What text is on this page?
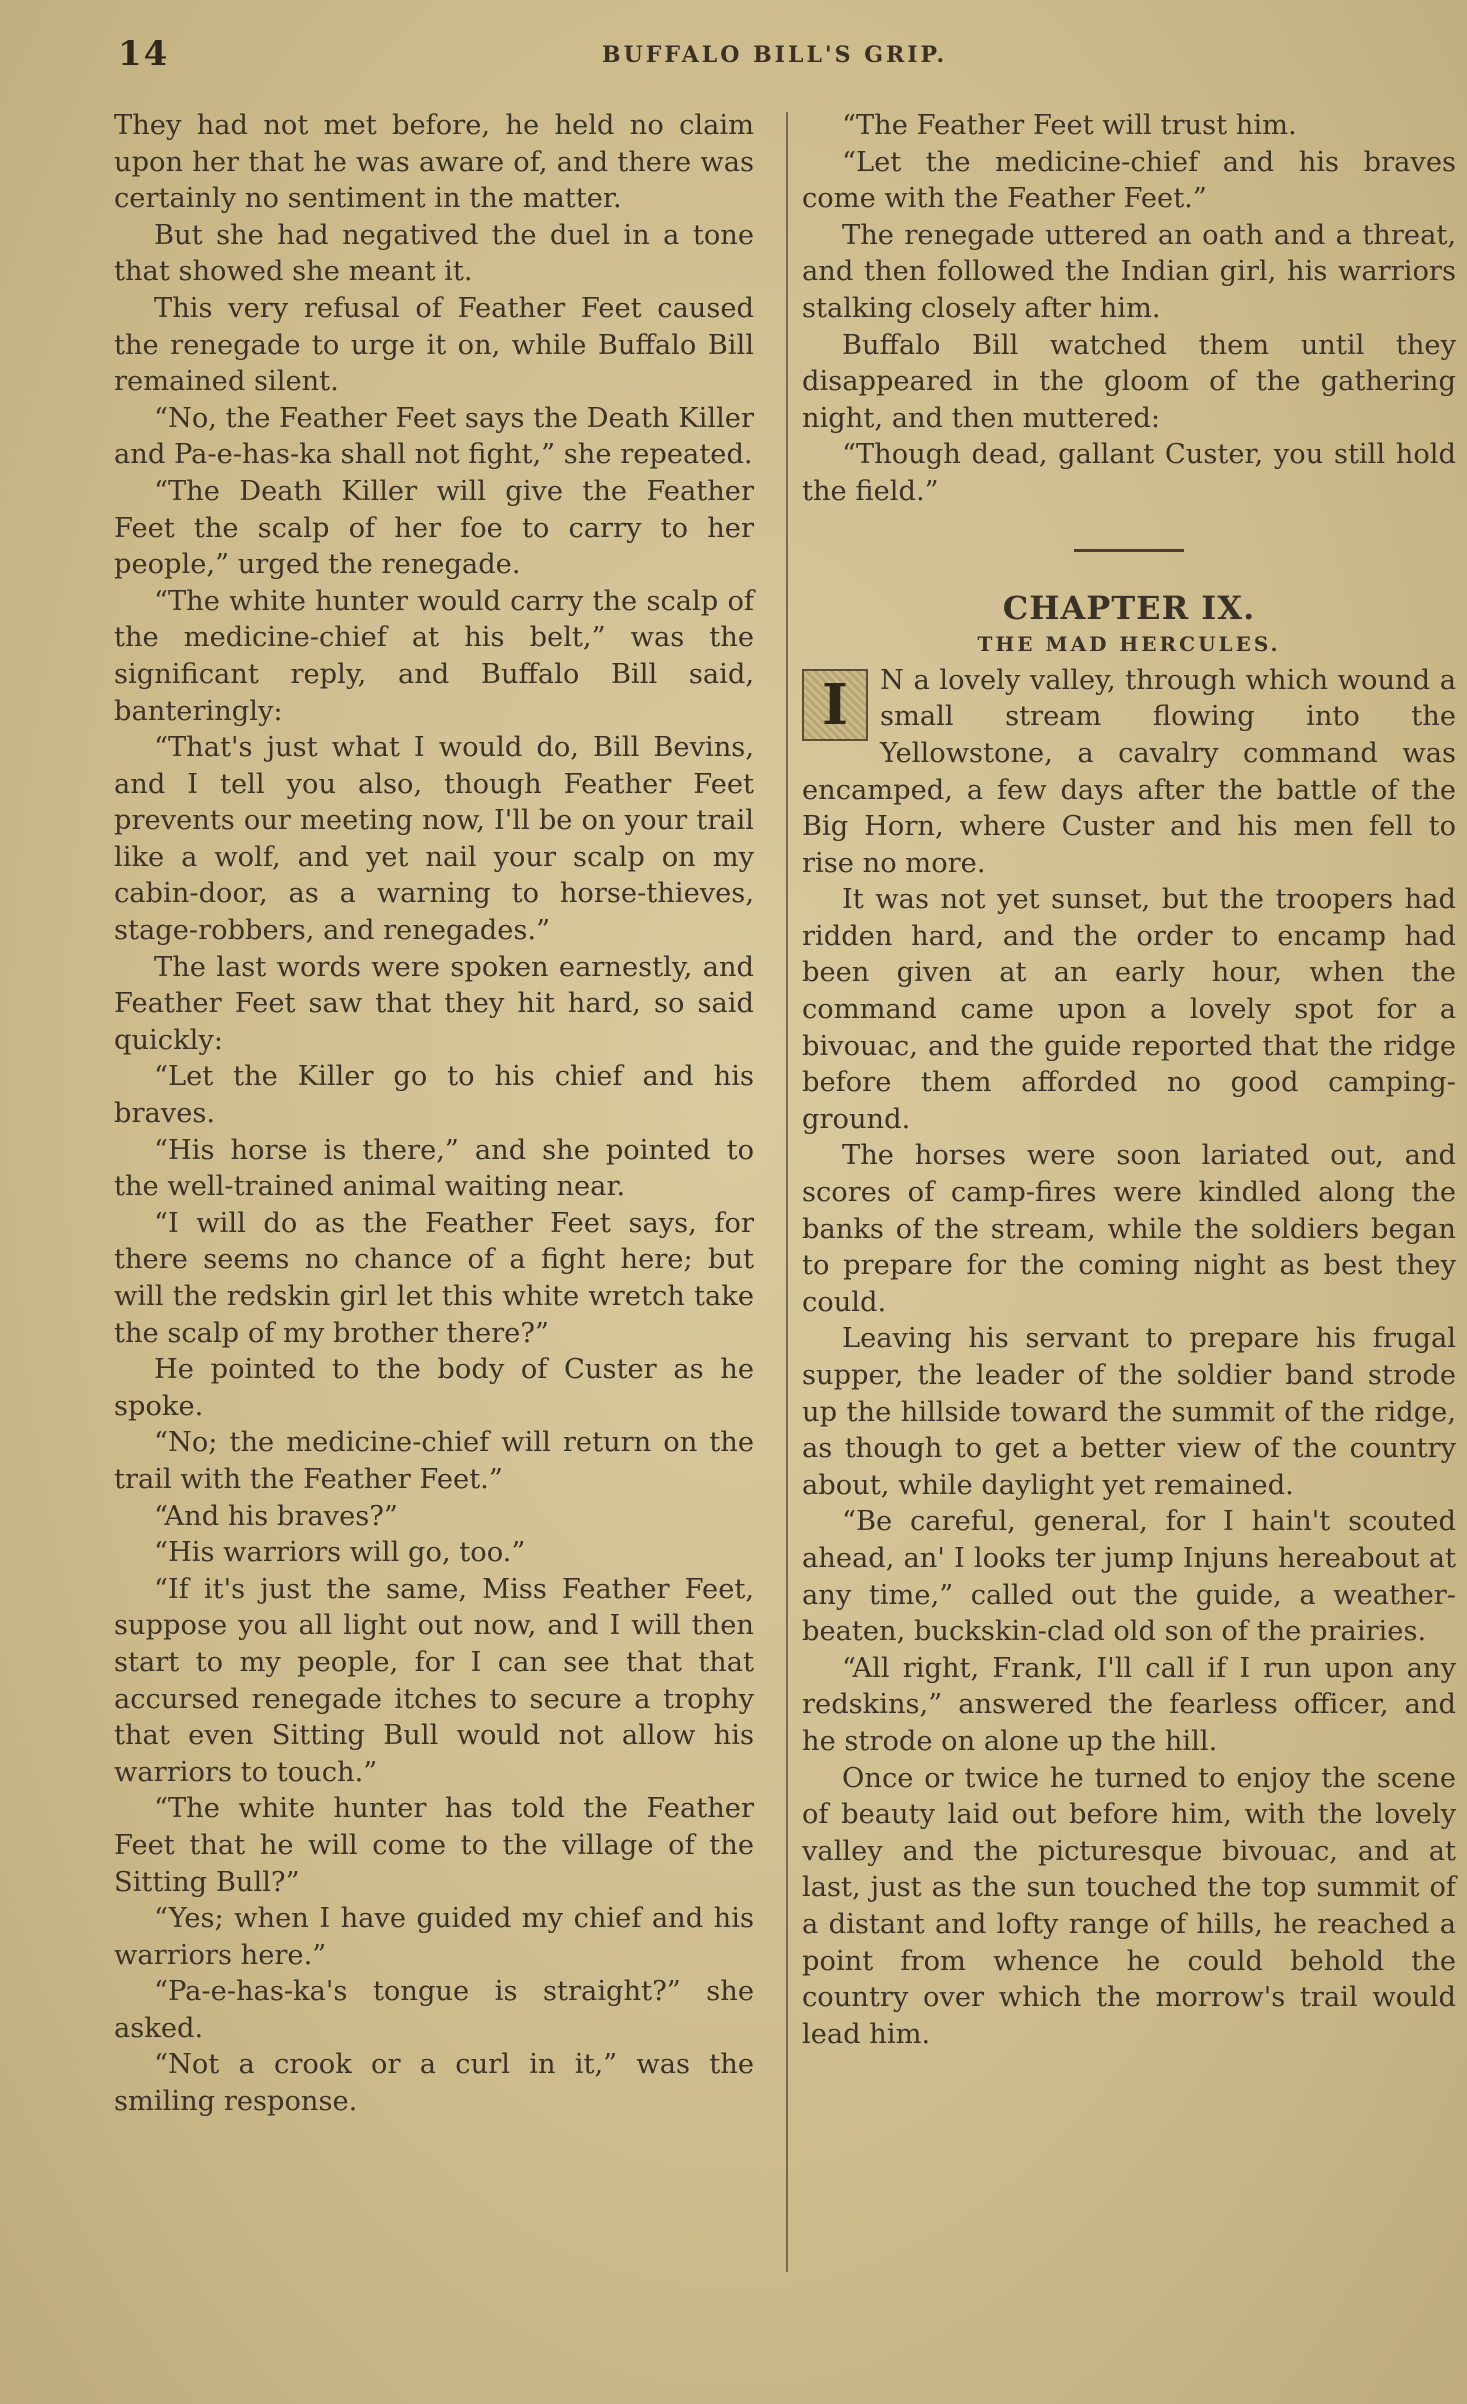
14	BUFFALO BILL'S GRIP.

They had not met before, he held no claim upon her that he was aware of, and there was certainly no sentiment in the matter.

But she had negatived the duel in a tone that showed she meant it.

This very refusal of Feather Feet caused the renegade to urge it on, while Buffalo Bill remained silent.

“No, the Feather Feet says the Death Killer and Pa-e-has-ka shall not fight,” she repeated.

“The Death Killer will give the Feather Feet the scalp of her foe to carry to her people,” urged the renegade.

“The white hunter would carry the scalp of the medicine-chief at his belt,” was the significant reply, and Buffalo Bill said, banteringly:

“That's just what I would do, Bill Bevins, and I tell you also, though Feather Feet prevents our meeting now, I'll be on your trail like a wolf, and yet nail your scalp on my cabin-door, as a warning to horse-thieves, stage-robbers, and renegades.”

The last words were spoken earnestly, and Feather Feet saw that they hit hard, so said quickly:

“Let the Killer go to his chief and his braves.

“His horse is there,” and she pointed to the well-trained animal waiting near.

“I will do as the Feather Feet says, for there seems no chance of a fight here; but will the redskin girl let this white wretch take the scalp of my brother there?”

He pointed to the body of Custer as he spoke.

“No; the medicine-chief will return on the trail with the Feather Feet.”

“And his braves?”

“His warriors will go, too.”

“If it's just the same, Miss Feather Feet, suppose you all light out now, and I will then start to my people, for I can see that that accursed renegade itches to secure a trophy that even Sitting Bull would not allow his warriors to touch.”

“The white hunter has told the Feather Feet that he will come to the village of the Sitting Bull?”

“Yes; when I have guided my chief and his warriors here.”

“Pa-e-has-ka's tongue is straight?” she asked.

“Not a crook or a curl in it,” was the smiling response.

“The Feather Feet will trust him.

“Let the medicine-chief and his braves come with the Feather Feet.”

The renegade uttered an oath and a threat, and then followed the Indian girl, his warriors stalking closely after him.

Buffalo Bill watched them until they disappeared in the gloom of the gathering night, and then muttered:

“Though dead, gallant Custer, you still hold the field.”

CHAPTER IX.

THE MAD HERCULES.

I	N a lovely valley, through which wound a small stream flowing into the Yellowstone, a cavalry command was encamped, a few days after the battle of the Big Horn, where Custer and his men fell to rise no more.

It was not yet sunset, but the troopers had ridden hard, and the order to encamp had been given at an early hour, when the command came upon a lovely spot for a bivouac, and the guide reported that the ridge before them afforded no good camping-ground.

The horses were soon lariated out, and scores of camp-fires were kindled along the banks of the stream, while the soldiers began to prepare for the coming night as best they could.

Leaving his servant to prepare his frugal supper, the leader of the soldier band strode up the hillside toward the summit of the ridge, as though to get a better view of the country about, while daylight yet remained.

“Be careful, general, for I hain't scouted ahead, an' I looks ter jump Injuns hereabout at any time,” called out the guide, a weather-beaten, buckskin-clad old son of the prairies.

“All right, Frank, I'll call if I run upon any redskins,” answered the fearless officer, and he strode on alone up the hill.

Once or twice he turned to enjoy the scene of beauty laid out before him, with the lovely valley and the picturesque bivouac, and at last, just as the sun touched the top summit of a distant and lofty range of hills, he reached a point from whence he could behold the country over which the morrow's trail would lead him.
